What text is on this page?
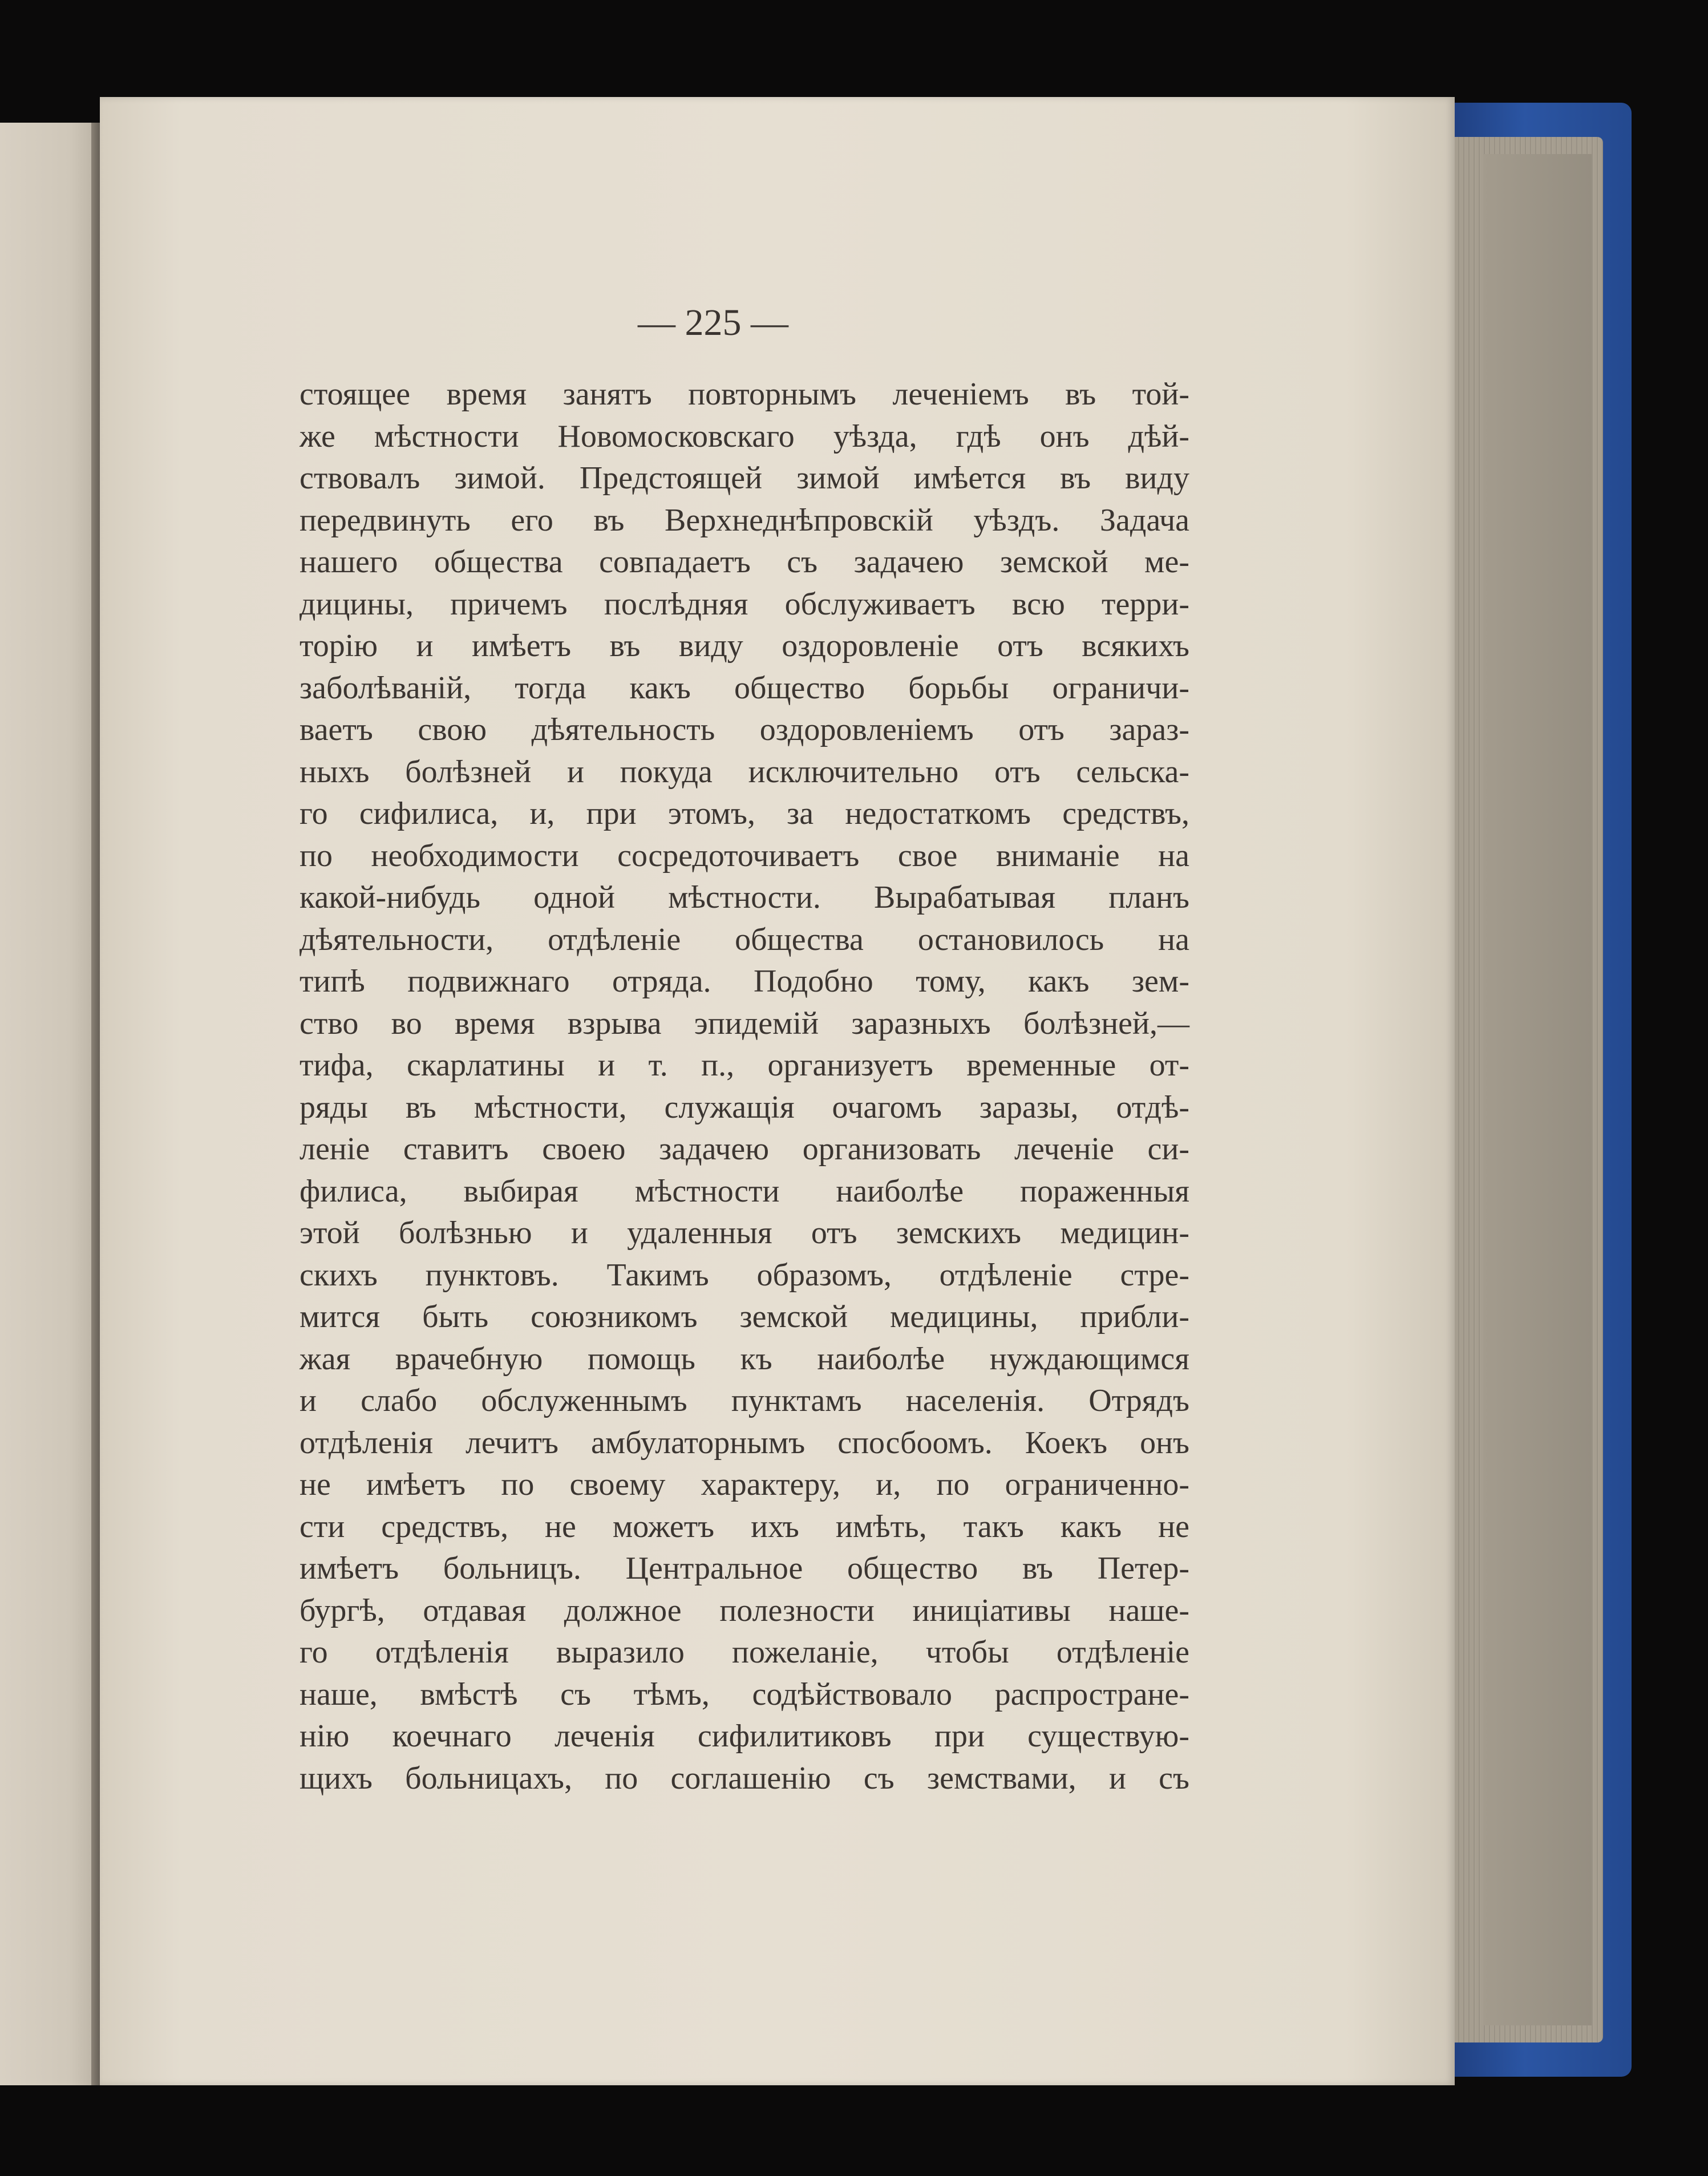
— 225 —
стоящее время занятъ повторнымъ леченіемъ въ той-
же мѣстности Новомосковскаго уѣзда, гдѣ онъ дѣй-
ствовалъ зимой. Предстоящей зимой имѣется въ виду
передвинуть его въ Верхнеднѣпровскій уѣздъ. Задача
нашего общества совпадаетъ съ задачею земской ме-
дицины, причемъ послѣдняя обслуживаетъ всю терри-
торію и имѣетъ въ виду оздоровленіе отъ всякихъ
заболѣваній, тогда какъ общество борьбы ограничи-
ваетъ свою дѣятельность оздоровленіемъ отъ зараз-
ныхъ болѣзней и покуда исключительно отъ сельска-
го сифилиса, и, при этомъ, за недостаткомъ средствъ,
по необходимости сосредоточиваетъ свое вниманіе на
какой-нибудь одной мѣстности. Вырабатывая планъ
дѣятельности, отдѣленіе общества остановилось на
типѣ подвижнаго отряда. Подобно тому, какъ зем-
ство во время взрыва эпидемій заразныхъ болѣзней,—
тифа, скарлатины и т. п., организуетъ временные от-
ряды въ мѣстности, служащія очагомъ заразы, отдѣ-
леніе ставитъ своею задачею организовать леченіе си-
филиса, выбирая мѣстности наиболѣе пораженныя
этой болѣзнью и удаленныя отъ земскихъ медицин-
скихъ пунктовъ. Такимъ образомъ, отдѣленіе стре-
мится быть союзникомъ земской медицины, прибли-
жая врачебную помощь къ наиболѣе нуждающимся
и слабо обслуженнымъ пунктамъ населенія. Отрядъ
отдѣленія лечитъ амбулаторнымъ спосбоомъ. Коекъ онъ
не имѣетъ по своему характеру, и, по ограниченно-
сти средствъ, не можетъ ихъ имѣть, такъ какъ не
имѣетъ больницъ. Центральное общество въ Петер-
бургѣ, отдавая должное полезности иниціативы наше-
го отдѣленія выразило пожеланіе, чтобы отдѣленіе
наше, вмѣстѣ съ тѣмъ, содѣйствовало распростране-
нію коечнаго леченія сифилитиковъ при существую-
щихъ больницахъ, по соглашенію съ земствами, и съ
